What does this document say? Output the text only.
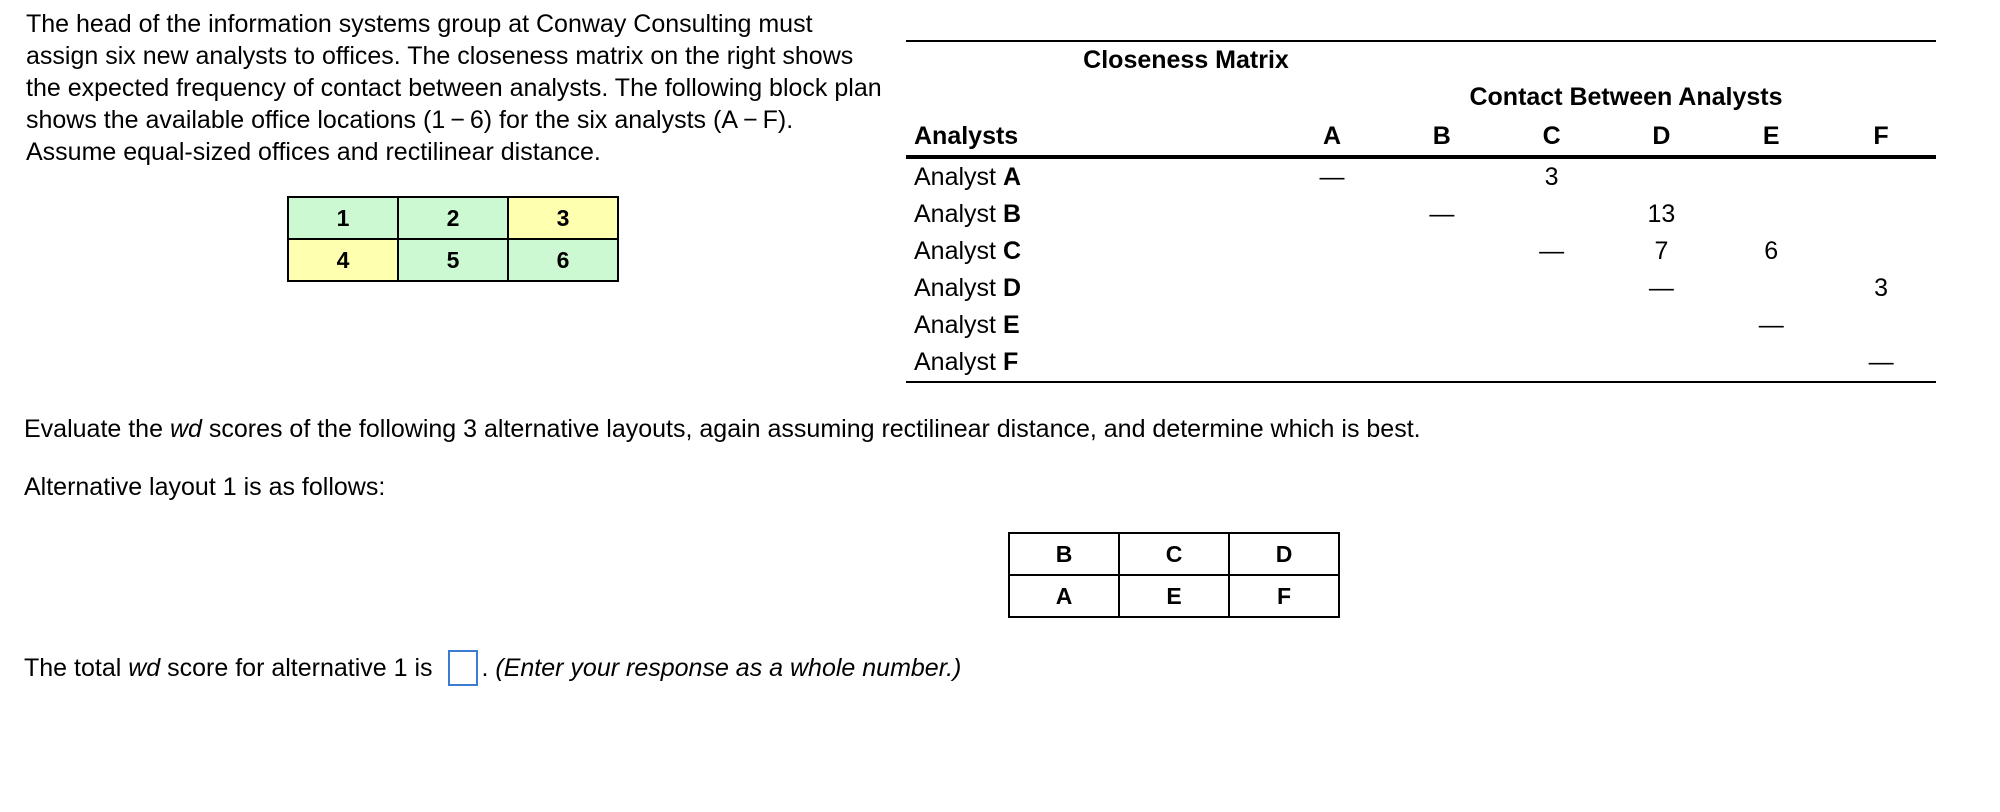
The head of the information systems group at Conway Consulting must assign six new analysts to offices. The closeness matrix on the right shows the expected frequency of contact between analysts. The following block plan shows the available office locations (1 − 6) for the six analysts (A − F). Assume equal-sized offices and rectilinear distance.

1	2	3
4	5	6
Closeness Matrix
Contact Between Analysts
Analysts	A	B	C	D	E	F
Analyst A	—		3			
Analyst B		—		13		
Analyst C			—	7	6	
Analyst D				—		3
Analyst E					—	
Analyst F						—

Evaluate the wd scores of the following 3 alternative layouts, again assuming rectilinear distance, and determine which is best.

Alternative layout 1 is as follows:

B	C	D
A	E	F
The total wd score for alternative 1 is . (Enter your response as a whole number.)
